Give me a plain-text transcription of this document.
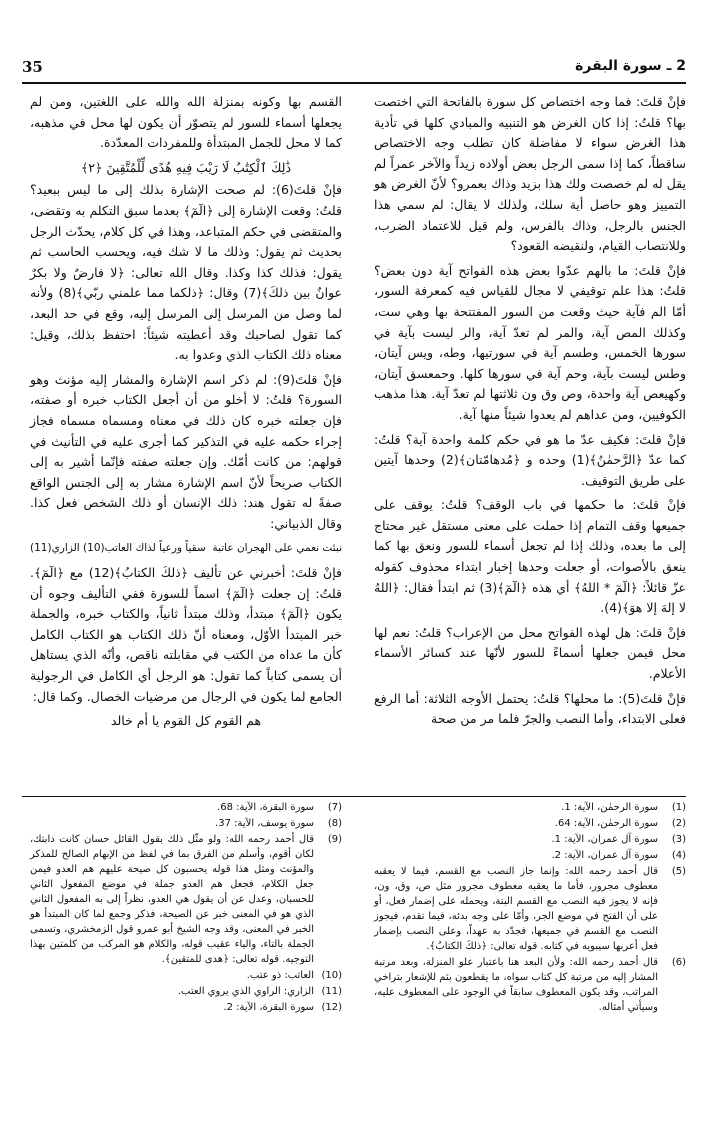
35	2 ـ سورة البقرة

فإنْ قلتَ: فما وجه اختصاص كل سورة بالفاتحة التي اختصت بها؟ قلتُ: إذا كان الغرض هو التنبيه والمبادي كلها في تأدية هذا الغرض سواء لا مفاضلة كان تطلب وجه الاختصاص ساقطاً، كما إذا سمى الرجل بعض أولاده زيداً والآخر عمراً لم يقل له لم خصصت ولك هذا بزيد وذاك بعمرو؟ لأنّ الغرض هو التمييز وهو حاصل أية سلك، ولذلك لا يقال: لم سمي هذا الجنس بالرجل، وذاك بالفرس، ولم قيل للاعتماد الضرب، وللانتصاب القيام، ولنقيضه القعود؟

فإنْ قلتَ: ما بالهم عدّوا بعض هذه الفواتح آية دون بعض؟ قلتُ: هذا علم توقيفي لا مجال للقياس فيه كمعرفة السور، أمّا الم فآية حيث وقعت من السور المفتتحة بها وهي ست، وكذلك المص آية، والمر لم تعدّ آية، والر ليست بآية في سورها الخمس، وطسم آية في سورتيها، وطه، ويس آيتان، وطس ليست بآية، وحم آية في سورها كلها. وحمعسق آيتان، وكهيعص آية واحدة، وص وق ون ثلاثتها لم تعدّ آية. هذا مذهب الكوفيين، ومن عداهم لم يعدوا شيئاً منها آية.

فإنْ قلتَ: فكيف عدّ ما هو في حكم كلمة واحدة آية؟ قلتُ: كما عدّ ﴿الرَّحمٰنُ﴾(1) وحده و ﴿مُدهامّتان﴾(2) وحدها آيتين على طريق التوقيف.

فإنْ قلتَ: ما حكمها في باب الوقف؟ قلتُ: يوقف على جميعها وقف التمام إذا حملت على معنى مستقل غير محتاج إلى ما بعده، وذلك إذا لم تجعل أسماء للسور ونعق بها كما ينعق بالأصوات، أو جعلت وحدها إخبار ابتداء محذوف كقوله عزّ قائلاً: ﴿الٓمٓ * اللهُ﴾ أي هذه ﴿الٓمٓ﴾(3) ثم ابتدأ فقال: ﴿اللهُ لا إلهَ إلا هوَ﴾(4).

فإنْ قلتَ: هل لهذه الفواتح محل من الإعراب؟ قلتُ: نعم لها محل فيمن جعلها أسماءً للسور لأنّها عند كسائر الأسماء الأعلام.

فإنْ قلتَ(5): ما محلها؟ قلتُ: يحتمل الأوجه الثلاثة: أما الرفع فعلى الابتداء، وأما النصب والجرّ فلما مر من صحة

القسم بها وكونه بمنزلة الله والله على اللغتين، ومن لم يجعلها أسماء للسور لم يتصوّر أن يكون لها محل في مذهبه، كما لا محل للجمل المبتدأة وللمفردات المعدّدة.

ذَٰلِكَ ٱلْكِتَٰبُ لَا رَيْبَ فِيهِ هُدًى لِّلْمُتَّقِينَ ﴿٢﴾

فإنْ قلتَ(6): لم صحت الإشارة بذلك إلى ما ليس ببعيد؟ قلتُ: وقعت الإشارة إلى ﴿الٓمٓ﴾ بعدما سبق التكلم به وتقضى، والمتقضى في حكم المتباعد، وهذا في كل كلام، يحدّث الرجل بحديث ثم يقول: وذلك ما لا شك فيه، ويحسب الحاسب ثم يقول: فذلك كذا وكذا. وقال الله تعالى: ﴿لا فارضٌ ولا بكرٌ عوانٌ بين ذلكَ﴾(7) وقال: ﴿ذلكما مما علمني ربّي﴾(8) ولأنه لما وصل من المرسل إلى المرسل إليه، وقع في حد البعد، كما تقول لصاحبك وقد أعطيته شيئاً: احتفظ بذلك، وقيل: معناه ذلك الكتاب الذي وعدوا به.

فإنْ قلتَ(9): لم ذكر اسم الإشارة والمشار إليه مؤنث وهو السورة؟ قلتُ: لا أخلو من أن أجعل الكتاب خبره أو صفته، فإن جعلته خبره كان ذلك في معناه ومسماه مسماه فجاز إجراء حكمه عليه في التذكير كما أجرى عليه في التأنيث في قولهم: من كانت أمّك. وإن جعلته صفته فإنّما أشير به إلى الكتاب صريحاً لأنّ اسم الإشارة مشار به إلى الجنس الواقع صفةً له تقول هند: ذلك الإنسان أو ذلك الشخص فعل كذا. وقال الذبياني:

نبئت نعمي على الهجران عاتبة
سقياً ورعياً لذاك العاتب(10) الزاري(11)

فإنْ قلتَ: أخبرني عن تأليف ﴿ذلكَ الكتابُ﴾(12) مع ﴿الٓمٓ﴾. قلتُ: إن جعلت ﴿الٓمٓ﴾ اسماً للسورة ففي التأليف وجوه أن يكون ﴿الٓمٓ﴾ مبتدأ، وذلك مبتدأ ثانياً، والكتاب خبره، والجملة خبر المبتدأ الأوّل، ومعناه أنّ ذلك الكتاب هو الكتاب الكامل كأن ما عداه من الكتب في مقابلته ناقص، وأنّه الذي يستاهل أن يسمى كتاباً كما تقول: هو الرجل أي الكامل في الرجولية الجامع لما يكون في الرجال من مرضيات الخصال. وكما قال:

هم القوم كل القوم يا أم خالد
(1)
سورة الرحمٰن، الآية: 1.
(2)
سورة الرحمٰن، الآية: 64.
(3)
سورة آل عمران، الآية: 1.
(4)
سورة آل عمران، الآية: 2.
(5)
قال أحمد رحمه الله: وإنما جاز النصب مع القسم، فيما لا يعقبه معطوف مجرور، فأما ما يعقبه معطوف مجرور مثل ص، وق، ون، فإنه لا يجوز فيه النصب مع القسم البتة، ويحمله على إضمار فعل، أو على أن الفتح في موضع الجر، وأمّا على وجه بدئه، فيما تقدم، فيجوز النصب مع القسم في جميعها، فجدّد به عهداً، وعلى النصب بإضمار فعل أعربها سيبويه في كتابه. قوله تعالى: ﴿ذلكَ الكتابُ﴾.
(6)
قال أحمد رحمه الله: ولأن البعد هنا باعتبار علو المنزلة، وبعد مرتبة المشار إليه من مرتبة كل كتاب سواه، ما يقطعون بثم للإشعار بتراخي المراتب، وقد يكون المعطوف سابقاً في الوجود على المعطوف عليه، وسيأتي أمثاله.
(7)
سورة البقرة، الآية: 68.
(8)
سورة يوسف، الآية: 37.
(9)
قال أحمد رحمه الله: ولو مثّل ذلك بقول القائل حسان كانت دابتك، لكان أقوم، وأسلم من الفرق بما في لفظ من الإبهام الصالح للمذكر والمؤنث ومثل هذا قوله يحسبون كل صيحة عليهم هم العدو فيمن جعل الكلام، فجعل هم العدو جملة في موضع المفعول الثاني للحسبان، وعدل عن أن يقول هي العدو، نظراً إلى به المفعول الثاني الذي هو في المعنى خبر عن الصيحة، فذكر وجمع لما كان المبتدأ هو الخبر في المعنى، وقد وجه الشيخ أبو عمرو قول الزمخشري، وتسمى الجملة بالتاء، والياء عقيب قوله، والكلام هو المركب من كلمتين بهذا التوجيه. قوله تعالى: ﴿هدى للمتقين﴾.
(10)
العاتب: ذو عتب.
(11)
الزاري: الراوي الذي يروي العتب.
(12)
سورة البقرة، الآية: 2.
